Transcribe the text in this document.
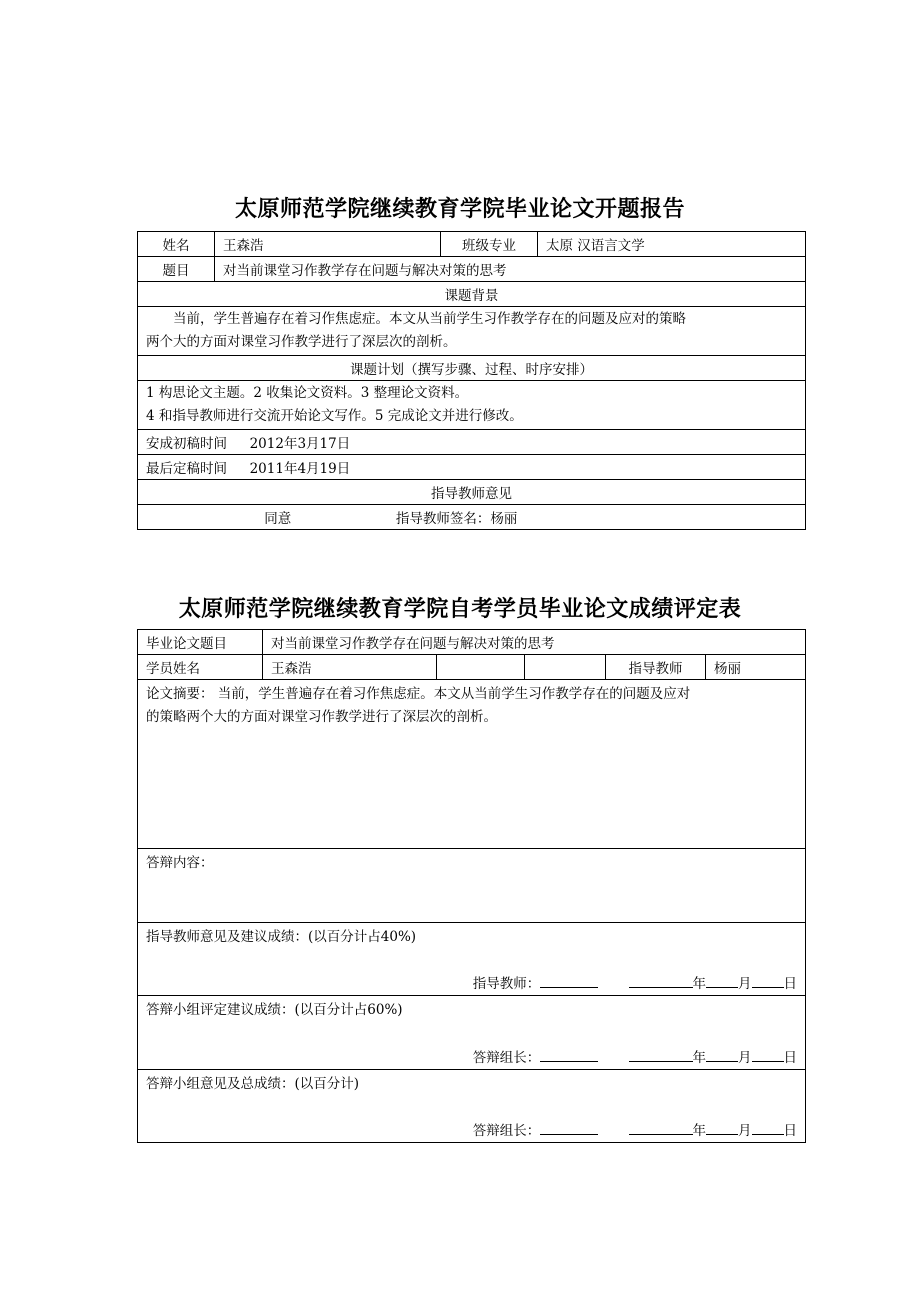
太原师范学院继续教育学院毕业论文开题报告
姓名	王森浩	班级专业	太原 汉语言文学
题目	对当前课堂习作教学存在问题与解决对策的思考		
课题背景			

当前，学生普遍存在着习作焦虑症。本文从当前学生习作教学存在的问题及应对的策略
两个大的方面对课堂习作教学进行了深层次的剖析。			

课题计划（撰写步骤、过程、时序安排）			

1 构思论文主题。2 收集论文资料。3 整理论文资料。
4 和指导教师进行交流开始论文写作。5 完成论文并进行修改。			

安成初稿时间 2012年3月17日			
最后定稿时间 2011年4月19日			
指导教师意见			
同意 指导教师签名：杨丽			
太原师范学院继续教育学院自考学员毕业论文成绩评定表
毕业论文题目	对当前课堂习作教学存在问题与解决对策的思考				
学员姓名	王森浩			指导教师	杨丽

论文摘要： 当前，学生普遍存在着习作焦虑症。本文从当前学生习作教学存在的问题及应对
的策略两个大的方面对课堂习作教学进行了深层次的剖析。					

答辩内容：					

指导教师意见及建议成绩：(以百分计占40%)
指导教师： 年 月 日					

答辩小组评定建议成绩：(以百分计占60%)
答辩组长： 年 月 日					

答辩小组意见及总成绩：(以百分计)
答辩组长： 年 月 日					
